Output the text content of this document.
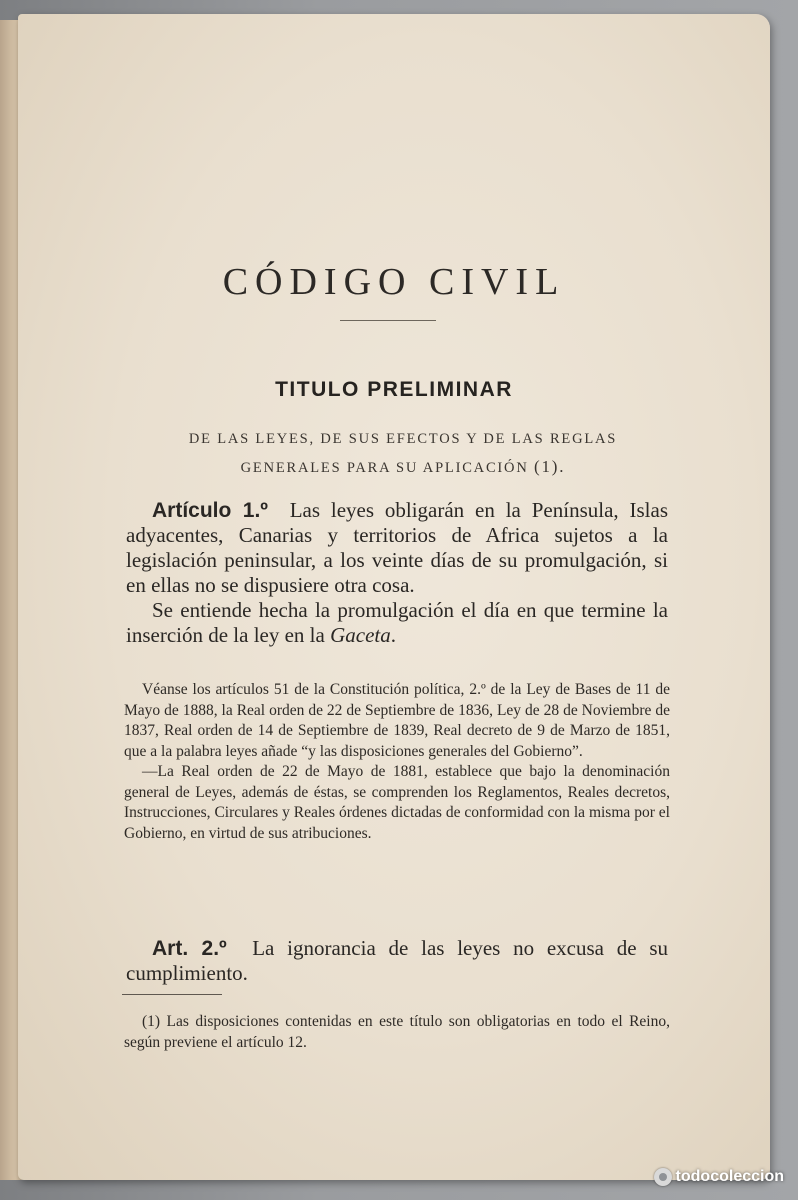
CÓDIGO CIVIL
TITULO PRELIMINAR
DE LAS LEYES, DE SUS EFECTOS Y DE LAS REGLAS
GENERALES PARA SU APLICACIÓN (1).

Artículo 1.º Las leyes obligarán en la Península, Islas adyacentes, Canarias y territorios de Africa sujetos a la legislación peninsular, a los veinte días de su promulgación, si en ellas no se dispusiere otra cosa.

Se entiende hecha la promulgación el día en que termine la inserción de la ley en la Gaceta.

Véanse los artículos 51 de la Constitución política, 2.º de la Ley de Bases de 11 de Mayo de 1888, la Real orden de 22 de Septiembre de 1836, Ley de 28 de Noviembre de 1837, Real orden de 14 de Septiembre de 1839, Real decreto de 9 de Marzo de 1851, que a la palabra leyes añade “y las disposiciones generales del Gobierno”.

—La Real orden de 22 de Mayo de 1881, establece que bajo la denominación general de Leyes, además de éstas, se comprenden los Reglamentos, Reales decretos, Instrucciones, Circulares y Reales órdenes dictadas de conformidad con la misma por el Gobierno, en virtud de sus atribuciones.

Art. 2.º La ignorancia de las leyes no excusa de su cumplimiento.

(1) Las disposiciones contenidas en este título son obligatorias en todo el Reino, según previene el artículo 12.

todocoleccion
